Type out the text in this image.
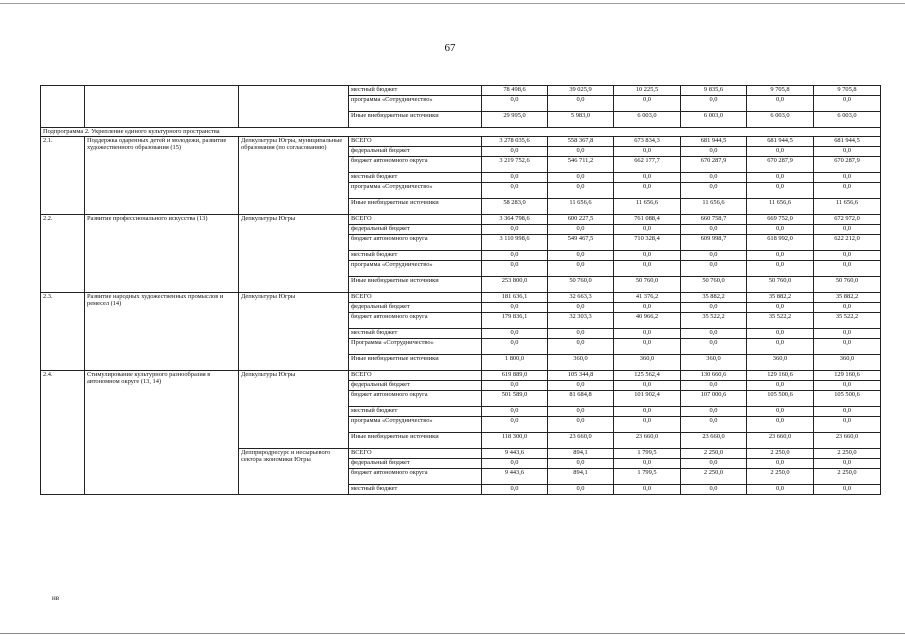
67
			местный бюджет	78 498,6	39 025,9	10 225,5	9 835,6	9 705,8	9 705,8
			программа «Сотрудничество»	0,0	0,0	0,0	0,0	0,0	0,0
			Иные внебюджетные источники	29 995,0	5 983,0	6 003,0	6 003,0	6 003,0	6 003,0
Подпрограмма 2. Укрепление единого культурного пространства									
2.1.	Поддержка одаренных детей и молодежи, развитие художественного образования (15)	Депкультуры Югры, муниципальные образования (по согласованию)	ВСЕГО	3 278 035,6	558 367,8	673 834,3	681 944,5	681 944,5	681 944,5
			федеральный бюджет	0,0	0,0	0,0	0,0	0,0	0,0
			бюджет автономного округа	3 219 752,6	546 711,2	662 177,7	670 287,9	670 287,9	670 287,9
			местный бюджет	0,0	0,0	0,0	0,0	0,0	0,0
			программа «Сотрудничество»	0,0	0,0	0,0	0,0	0,0	0,0
			Иные внебюджетные источники	58 283,0	11 656,6	11 656,6	11 656,6	11 656,6	11 656,6
2.2.	Развитие профессионального искусства (13)	Депкультуры Югры	ВСЕГО	3 364 798,6	600 227,5	761 088,4	660 758,7	669 752,0	672 972,0
			федеральный бюджет	0,0	0,0	0,0	0,0	0,0	0,0
			бюджет автономного округа	3 110 998,6	549 467,5	710 328,4	609 998,7	618 992,0	622 212,0
			местный бюджет	0,0	0,0	0,0	0,0	0,0	0,0
			программа «Сотрудничество»	0,0	0,0	0,0	0,0	0,0	0,0
			Иные внебюджетные источники	253 800,0	50 760,0	50 760,0	50 760,0	50 760,0	50 760,0
2.3.	Развитие народных художественных промыслов и ремесел (14)	Депкультуры Югры	ВСЕГО	181 636,1	32 663,3	41 376,2	35 882,2	35 882,2	35 882,2
			федеральный бюджет	0,0	0,0	0,0	0,0	0,0	0,0
			бюджет автономного округа	179 836,1	32 303,3	40 966,2	35 522,2	35 522,2	35 522,2
			местный бюджет	0,0	0,0	0,0	0,0	0,0	0,0
			Программа «Сотрудничество»	0,0	0,0	0,0	0,0	0,0	0,0
			Иные внебюджетные источники	1 800,0	360,0	360,0	360,0	360,0	360,0
2.4.	Стимулирование культурного разнообразия в автономном округе (13, 14)	Депкультуры Югры	ВСЕГО	619 889,0	105 344,8	125 562,4	130 660,6	129 160,6	129 160,6
			федеральный бюджет	0,0	0,0	0,0	0,0	0,0	0,0
			бюджет автономного округа	501 589,0	81 684,8	101 902,4	107 000,6	105 500,6	105 500,6
			местный бюджет	0,0	0,0	0,0	0,0	0,0	0,0
			программа «Сотрудничество»	0,0	0,0	0,0	0,0	0,0	0,0
			Иные внебюджетные источники	118 300,0	23 660,0	23 660,0	23 660,0	23 660,0	23 660,0
		Депприродресурс и несырьевого сектора экономики Югры	ВСЕГО	9 443,6	894,1	1 799,5	2 250,0	2 250,0	2 250,0
			федеральный бюджет	0,0	0,0	0,0	0,0	0,0	0,0
			бюджет автономного округа	9 443,6	894,1	1 799,5	2 250,0	2 250,0	2 250,0
			местный бюджет	0,0	0,0	0,0	0,0	0,0	0,0
нв
